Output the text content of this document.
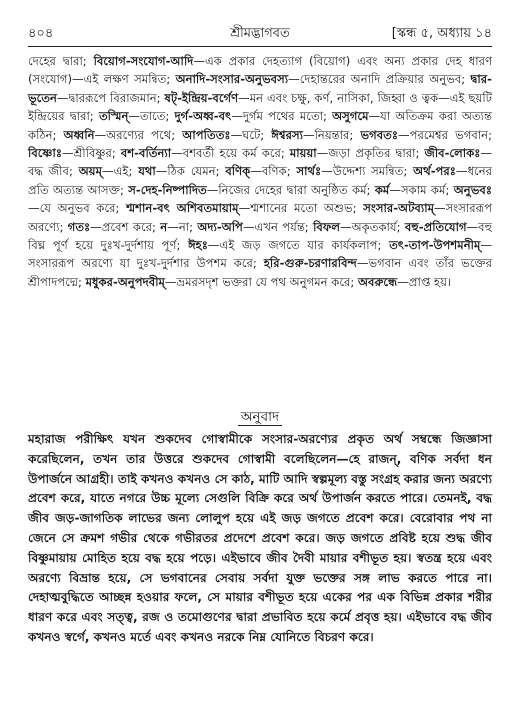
৪০৪	শ্রীমদ্ভাগবত	[স্কন্ধ ৫, অধ্যায় ১৪

দেহের দ্বারা; বিয়োগ-সংযোগ-আদি—এক প্রকার দেহত্যাগ (বিয়োগ) এবং অন্য প্রকার দেহ ধারণ (সংযোগ)—এই লক্ষণ সমন্বিত; অনাদি-সংসার-অনুভবস্য—দেহান্তরের অনাদি প্রক্রিয়ার অনুভব; দ্বার-ভূতেন—দ্বাররূপে বিরাজমান; ষট্-ইন্দ্রিয়-বর্গেণ—মন এবং চক্ষু, কর্ণ, নাসিকা, জিহ্বা ও ত্বক—এই ছয়টি ইন্দ্রিয়ের দ্বারা; তস্মিন্—তাতে; দুর্গ-অধ্ব-বৎ—দুর্গম পথের মতো; অসুগমে—যা অতিক্রম করা অত্যন্ত কঠিন; অধ্বনি—অরণ্যের পথে; আপতিতঃ—ঘটে; ঈশ্বরস্য—নিয়ন্তার; ভগবতঃ—পরমেশ্বর ভগবান; বিষ্ণোঃ—শ্রীবিষ্ণুর; বশ-বর্তিন্যা—বশবর্তী হয়ে কর্ম করে; মায়য়া—জড়া প্রকৃতির দ্বারা; জীব-লোকঃ—বদ্ধ জীব; অয়ম্—এই; যথা—ঠিক যেমন; বণিক্—বণিক; সার্থঃ—উদ্দেশ্য সমন্বিত; অর্থ-পরঃ—ধনের প্রতি অত্যন্ত আসক্ত; স-দেহ-নিষ্পাদিত—নিজের দেহের দ্বারা অনুষ্ঠিত কর্ম; কর্ম—সকাম কর্ম; অনুভবঃ—যে অনুভব করে; শ্মশান-বৎ অশিবতমায়াম্—শ্মশানের মতো অশুভ; সংসার-অটব্যাম্—সংসাররূপ অরণ্যে; গতঃ—প্রবেশ করে; ন—না; অদ্য-অপি—এখন পর্যন্ত; বিফল—অকৃতকার্য; বহু-প্রতিযোগ—বহু বিঘ্ন পূর্ণ হয়ে দুঃখ-দুর্দশায় পূর্ণ; ঈহঃ—এই জড় জগতে যার কার্যকলাপ; তৎ-তাপ-উপশমনীম্—সংসাররূপ অরণ্যে যা দুঃখ-দুর্দশার উপশম করে; হরি-গুরু-চরণারবিন্দ—ভগবান এবং তাঁর ভক্তের শ্রীপাদপদ্মে; মধুকর-অনুপদবীম্—ভ্রমরসদৃশ ভক্তরা যে পথ অনুগমন করে; অবরুন্ধে—প্রাপ্ত হয়।

অনুবাদ

মহারাজ পরীক্ষিৎ যখন শুকদেব গোস্বামীকে সংসার-অরণ্যের প্রকৃত অর্থ সম্বন্ধে জিজ্ঞাসা করেছিলেন, তখন তার উত্তরে শুকদেব গোস্বামী বলেছিলেন—হে রাজন্, বণিক সর্বদা ধন উপার্জনে আগ্রহী। তাই কখনও কখনও সে কাঠ, মাটি আদি স্বল্পমূল্য বস্তু সংগ্রহ করার জন্য অরণ্যে প্রবেশ করে, যাতে নগরে উচ্চ মূল্যে সেগুলি বিক্রি করে অর্থ উপার্জন করতে পারে। তেমনই, বদ্ধ জীব জড়-জাগতিক লাভের জন্য লোলুপ হয়ে এই জড় জগতে প্রবেশ করে। বেরোবার পথ না জেনে সে ক্রমশ গভীর থেকে গভীরতর প্রদেশে প্রবেশ করে। জড় জগতে প্রবিষ্ট হয়ে শুদ্ধ জীব বিষ্ণুমায়ায় মোহিত হয়ে বদ্ধ হয়ে পড়ে। এইভাবে জীব দৈবী মায়ার বশীভূত হয়। স্বতন্ত্র হয়ে এবং অরণ্যে বিভ্রান্ত হয়ে, সে ভগবানের সেবায় সর্বদা যুক্ত ভক্তের সঙ্গ লাভ করতে পারে না। দেহাত্মবুদ্ধিতে আচ্ছন্ন হওয়ার ফলে, সে মায়ার বশীভূত হয়ে একের পর এক বিভিন্ন প্রকার শরীর ধারণ করে এবং সত্ত্ব, রজ ও তমোগুণের দ্বারা প্রভাবিত হয়ে কর্মে প্রবৃত্ত হয়। এইভাবে বদ্ধ জীব কখনও স্বর্গে, কখনও মর্তে এবং কখনও নরকে নিম্ন যোনিতে বিচরণ করে।
